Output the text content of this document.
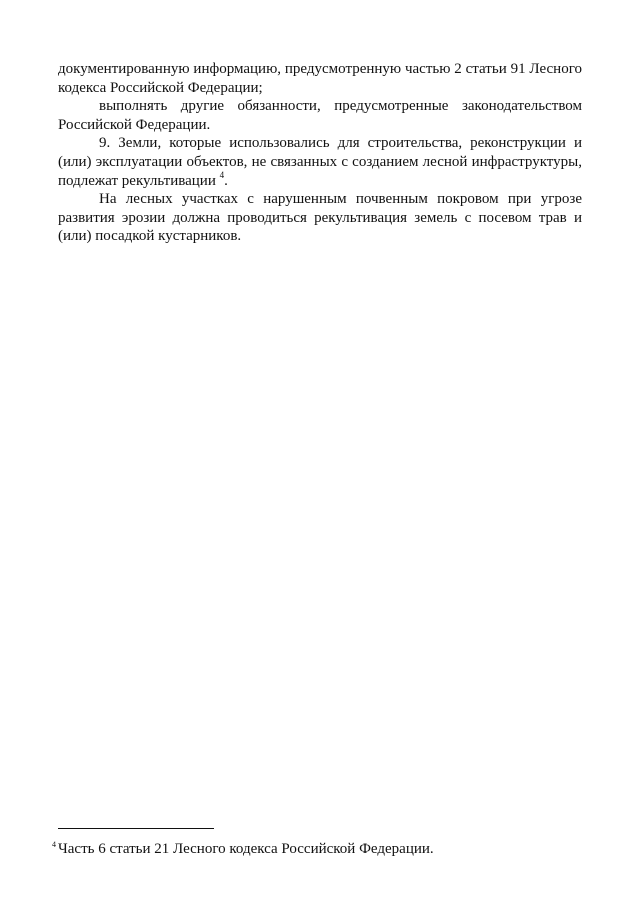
документированную информацию, предусмотренную частью 2 статьи 91 Лесного кодекса Российской Федерации;

выполнять другие обязанности, предусмотренные законодательством Российской Федерации.

9. Земли, которые использовались для строительства, реконструкции и (или) эксплуатации объектов, не связанных с созданием лесной инфраструктуры, подлежат рекультивации $^4$.

На лесных участках с нарушенным почвенным покровом при угрозе развития эрозии должна проводиться рекультивация земель с посевом трав и (или) посадкой кустарников.

$^4$ Часть 6 статьи 21 Лесного кодекса Российской Федерации.
